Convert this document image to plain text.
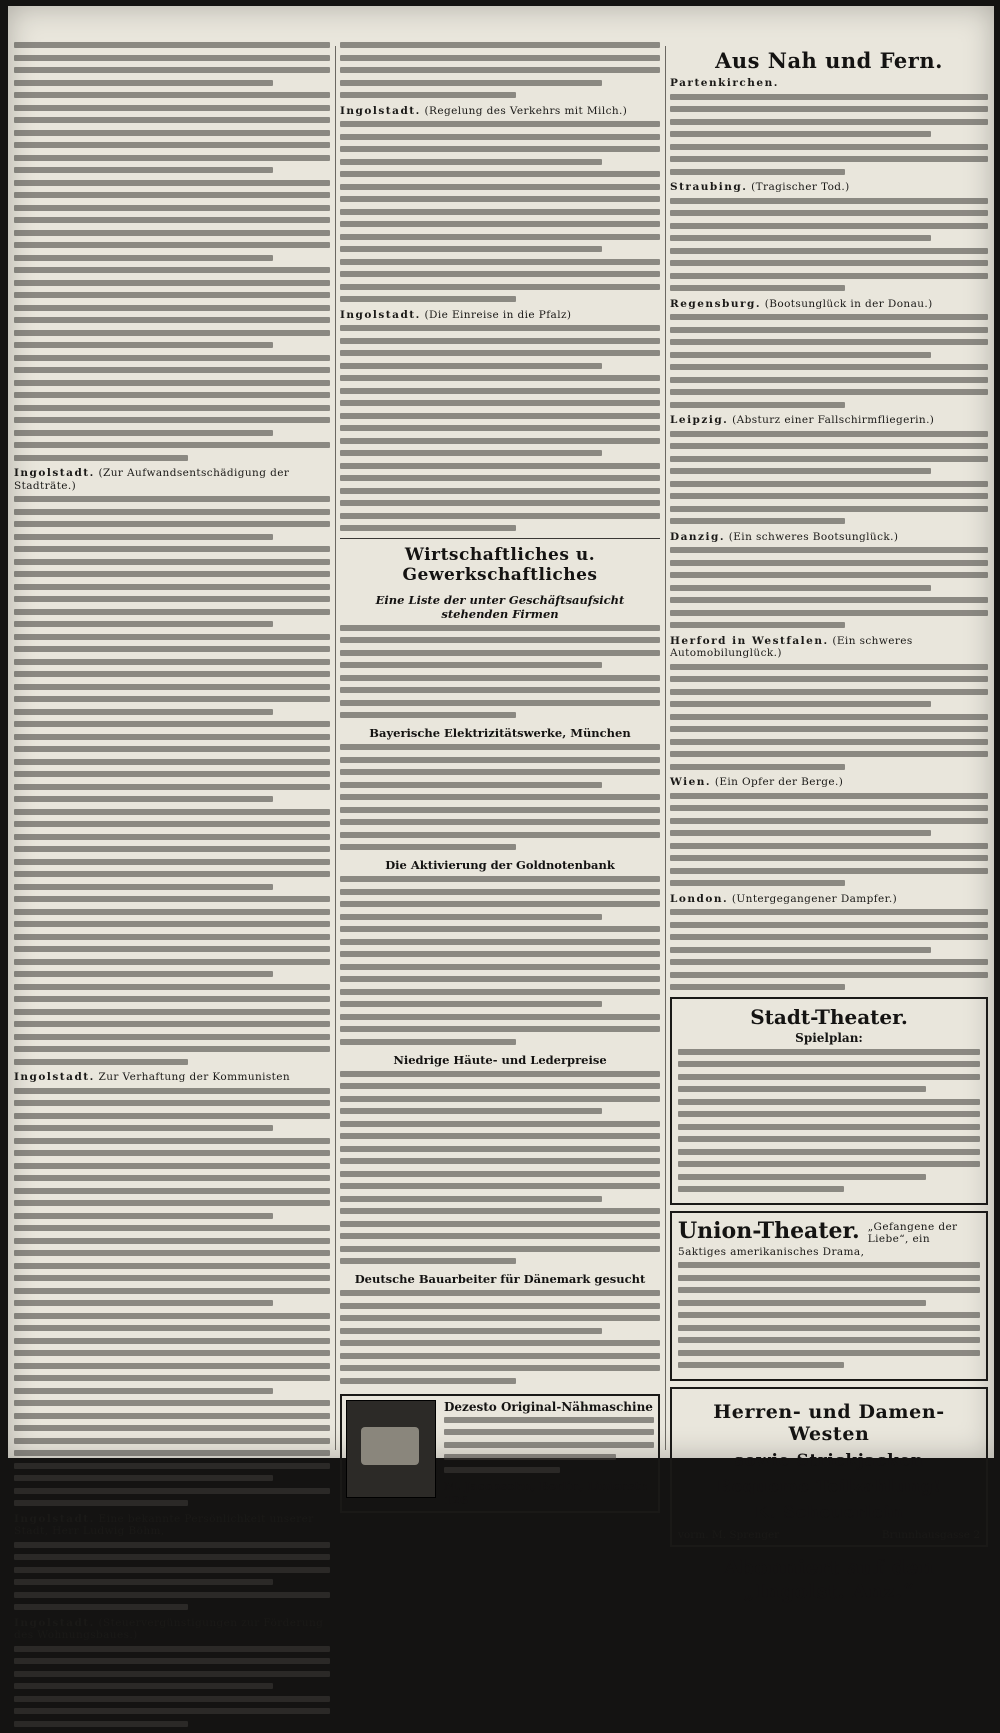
Ingolstadt. (Zur Aufwandsentschädigung der Stadträte.)
Ingolstadt. Zur Verhaftung der Kommunisten
Ingolstadt. Eine bekannte Persönlichkeit unserer Stadt, Herr Ludwig Böhm,
Ingolstadt. (Steuervergünstigungen zur Förderung des Wohnungsbaues.)
Ingolstadt. (Regelung des Verkehrs mit Milch.)
Ingolstadt. (Die Einreise in die Pfalz)
Wirtschaftliches u. Gewerkschaftliches
Eine Liste der unter Geschäftsaufsicht
stehenden Firmen
Bayerische Elektrizitätswerke, München
Die Aktivierung der Goldnotenbank
Niedrige Häute- und Lederpreise
Deutsche Bauarbeiter für Dänemark gesucht
Dezesto Original-Nähmaschine
M. Jacobsohn, Berlin, Linienstr. 126
Aus Nah und Fern.
Partenkirchen.
Straubing. (Tragischer Tod.)
Regensburg. (Bootsunglück in der Donau.)
Leipzig. (Absturz einer Fallschirmfliegerin.)
Danzig. (Ein schweres Bootsunglück.)
Herford in Westfalen. (Ein schweres Automobilunglück.)
Wien. (Ein Opfer der Berge.)
London. (Untergegangener Dampfer.)
Stadt-Theater.
Spielplan:
Union-Theater. „Gefangene der Liebe“, ein 5aktiges amerikanisches Drama,
Herren- und Damen-Westen
sowie Strickjacken
Bequeme Teilzahlung!
K. Scheuerlein
vorm. M. Sprenger	Brunnhausgasse 2
Abonniert auf den „Ingolst. Anz.“
